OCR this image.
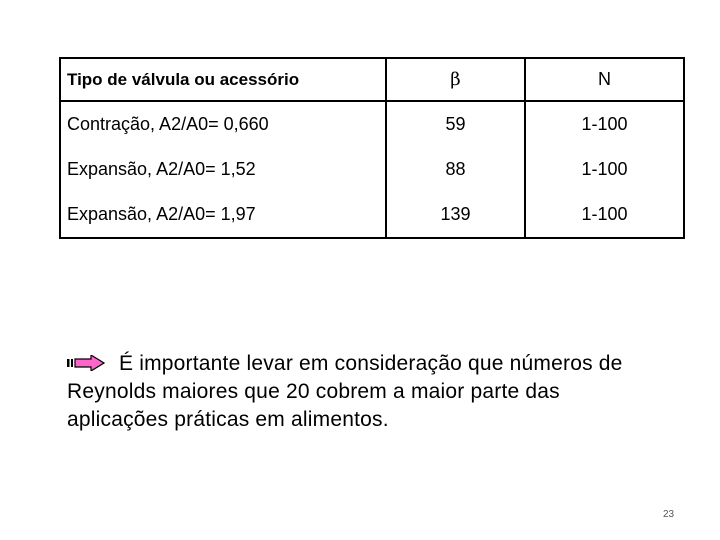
Tipo de válvula ou acessório	β	N
Contração, A2/A0= 0,660	59	1-100
Expansão, A2/A0= 1,52	88	1-100
Expansão, A2/A0= 1,97	139	1-100
É importante levar em consideração que números de Reynolds maiores que 20 cobrem a maior parte das aplicações práticas em alimentos.
23
